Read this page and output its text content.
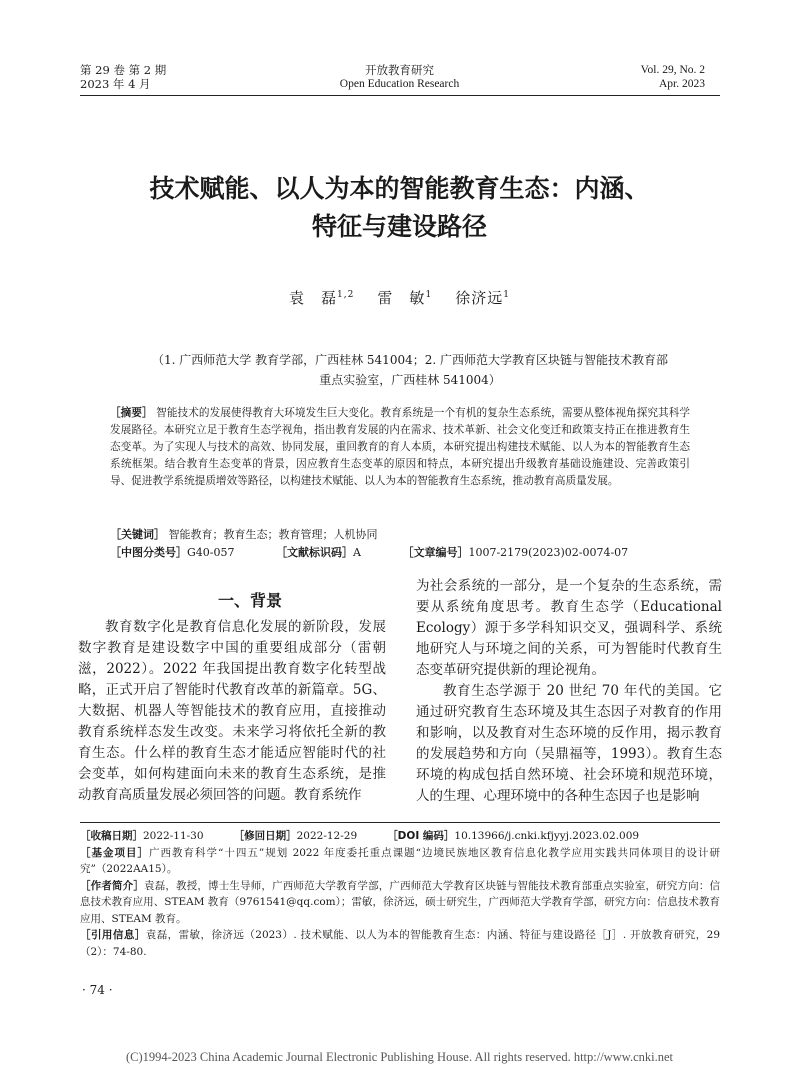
第 29 卷 第 2 期
2023 年 4 月
开放教育研究
Open Education Research
Vol. 29, No. 2
Apr. 2023
技术赋能、以人为本的智能教育生态：内涵、
特征与建设路径
袁　磊$^{1,2}$ 雷　敏$^1$ 徐济远$^1$
（1. 广西师范大学 教育学部，广西桂林 541004；2. 广西师范大学教育区块链与智能技术教育部
重点实验室，广西桂林 541004）
［摘要］ 智能技术的发展使得教育大环境发生巨大变化。教育系统是一个有机的复杂生态系统，需要从整体视角探究其科学发展路径。本研究立足于教育生态学视角，指出教育发展的内在需求、技术革新、社会文化变迁和政策支持正在推进教育生态变革。为了实现人与技术的高效、协同发展，重回教育的育人本质，本研究提出构建技术赋能、以人为本的智能教育生态系统框架。结合教育生态变革的背景，因应教育生态变革的原因和特点，本研究提出升级教育基础设施建设、完善政策引导、促进教学系统提质增效等路径，以构建技术赋能、以人为本的智能教育生态系统，推动教育高质量发展。
［关键词］ 智能教育；教育生态；教育管理；人机协同
［中图分类号］G40-057	［文献标识码］A	［文章编号］1007-2179(2023)02-0074-07
一、背景
教育数字化是教育信息化发展的新阶段，发展数字教育是建设数字中国的重要组成部分（雷朝滋，2022）。2022 年我国提出教育数字化转型战略，正式开启了智能时代教育改革的新篇章。5G、大数据、机器人等智能技术的教育应用，直接推动教育系统样态发生改变。未来学习将依托全新的教育生态。什么样的教育生态才能适应智能时代的社会变革，如何构建面向未来的教育生态系统，是推动教育高质量发展必须回答的问题。教育系统作

为社会系统的一部分，是一个复杂的生态系统，需要从系统角度思考。教育生态学（Educational Ecology）源于多学科知识交叉，强调科学、系统地研究人与环境之间的关系，可为智能时代教育生态变革研究提供新的理论视角。

教育生态学源于 20 世纪 70 年代的美国。它通过研究教育生态环境及其生态因子对教育的作用和影响，以及教育对生态环境的反作用，揭示教育的发展趋势和方向（吴鼎福等，1993）。教育生态环境的构成包括自然环境、社会环境和规范环境，人的生理、心理环境中的各种生态因子也是影响

［收稿日期］2022-11-30	［修回日期］2022-12-29	［DOI 编码］10.13966/j.cnki.kfjyyj.2023.02.009

［基金项目］广西教育科学“十四五”规划 2022 年度委托重点课题“边境民族地区教育信息化教学应用实践共同体项目的设计研究”（2022AA15）。

［作者简介］袁磊，教授，博士生导师，广西师范大学教育学部，广西师范大学教育区块链与智能技术教育部重点实验室，研究方向：信息技术教育应用、STEAM 教育（9761541@qq.com）；雷敏，徐济远，硕士研究生，广西师范大学教育学部，研究方向：信息技术教育应用、STEAM 教育。

［引用信息］袁磊，雷敏，徐济远（2023）. 技术赋能、以人为本的智能教育生态：内涵、特征与建设路径［J］. 开放教育研究，29（2）：74-80.

· 74 ·
(C)1994-2023 China Academic Journal Electronic Publishing House. All rights reserved. http://www.cnki.net
